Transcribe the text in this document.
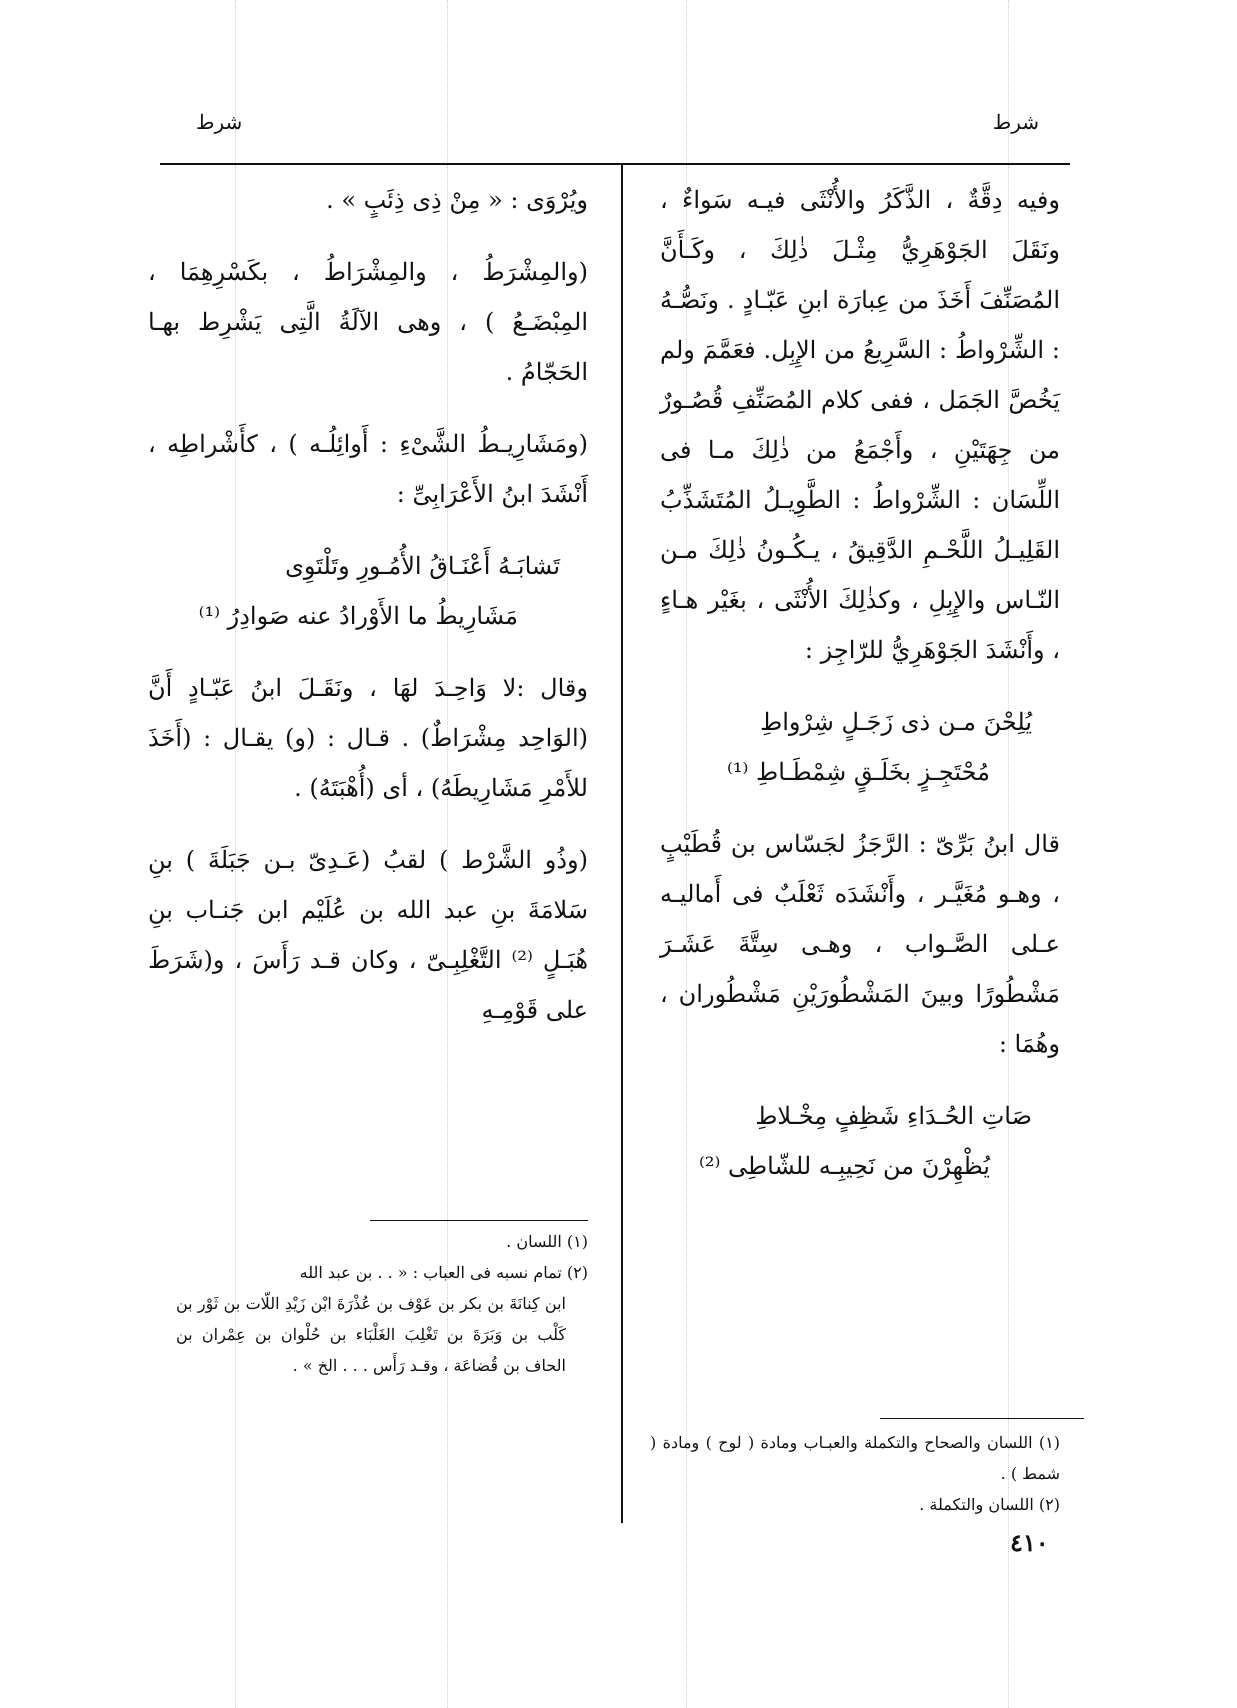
شرط
شرط

وفيه دِقَّةٌ ، الذَّكَرُ والأُنْثَى فيـه سَواءٌ ، ونَقَلَ الجَوْهَرِيُّ مِثْـلَ ذٰلِكَ ، وكَـأَنَّ المُصَنِّفَ أَخَذَ من عِبارَة ابنِ عَبّـادٍ . ونَصُّـهُ : الشِّرْواطُ : السَّرِيعُ من الإِبِل. فعَمَّمَ ولم يَخُصَّ الجَمَل ، ففى كلام المُصَنِّفِ قُصُـورٌ من جِهَتَيْنِ ، وأَجْمَعُ من ذٰلِكَ مـا فى اللِّسَان : الشِّرْواطُ : الطَّوِيـلُ المُتَشَذِّبُ القَلِيـلُ اللَّحْـمِ الدَّقِيقُ ، يـكُـونُ ذٰلِكَ مـن النّـاس والإِبِلِ ، وكذٰلِكَ الأُنْثَى ، بغَيْر هـاءٍ ، وأَنْشَدَ الجَوْهَرِيُّ للرّاجِز :

يُلِحْنَ مـن ذى زَجَـلٍ شِرْواطِ

مُحْتَجِـزٍ بخَلَـقٍ شِمْطَـاطِ ⁽¹⁾

قال ابنُ بَرِّىّ : الرَّجَزُ لجَسّاس بن قُطَيْبٍ ، وهـو مُغَيَّـر ، وأَنْشَدَه ثَعْلَبٌ فى أَماليـه عـلى الصَّـواب ، وهـى سِتَّةَ عَشَـرَ مَشْطُورًا وبينَ المَشْطُورَيْنِ مَشْطُوران ، وهُمَا :

صَاتِ الحُـدَاءِ شَظِفٍ مِخْـلاطِ

يُظْهِرْنَ من نَحِيبِـه للشّاطِى ⁽²⁾

ويُرْوَى : « مِنْ ذِى ذِئَبٍ » .

(والمِشْرَطُ ، والمِشْرَاطُ ، بكَسْرِهِمَا ، المِبْضَـعُ ) ، وهى الآلَةُ الَّتِى يَشْرِط بهـا الحَجّامُ .

(ومَشَارِيـطُ الشَّىْءِ : أَوائِلُـه ) ، كأَشْراطِه ، أَنْشَدَ ابنُ الأَعْرَابِىِّ :

تَشابَـهُ أَعْنَـاقُ الأُمُـورِ وتَلْتَوِى

مَشَارِيطُ ما الأَوْرادُ عنه صَوادِرُ ⁽¹⁾

وقال :لا وَاحِـدَ لهَا ، ونَقَـلَ ابنُ عَبّـادٍ أَنَّ (الوَاحِد مِشْرَاطٌ) . قـال : (و) يقـال : (أَخَذَ للأَمْرِ مَشَارِيطَهُ) ، أى (أُهْبَتَهُ) .

(وذُو الشَّرْط ) لقبُ (عَـدِىّ بـن جَبَلَةَ ) بنِ سَلامَةَ بنِ عبد الله بن عُلَيْم ابن جَنـاب بنِ هُبَـلٍ ⁽²⁾ التَّغْلِبِـىّ ، وكان قـد رَأَسَ ، و(شَرَطَ على قَوْمِـهِ

(١) اللسان .

(٢) تمام نسبه فى العباب : « . . بن عبد الله

ابن كِنانَةَ بن بكر بن عَوْف بن عُذْرَةَ ابْن زَيْدِ اللّات بن ثَوْر بن كَلْب بن وَبَرَةَ بن تَغْلِبَ الغَلْبَاء بن حُلْوان بن عِمْران بن الحاف بن قُضاعَة ، وقـد رَأَس . . . الخ » .

(١) اللسان والصحاح والتكملة والعبـاب ومادة ( لوح ) ومادة ( شمط ) .

(٢) اللسان والتكملة .

٤١٠
